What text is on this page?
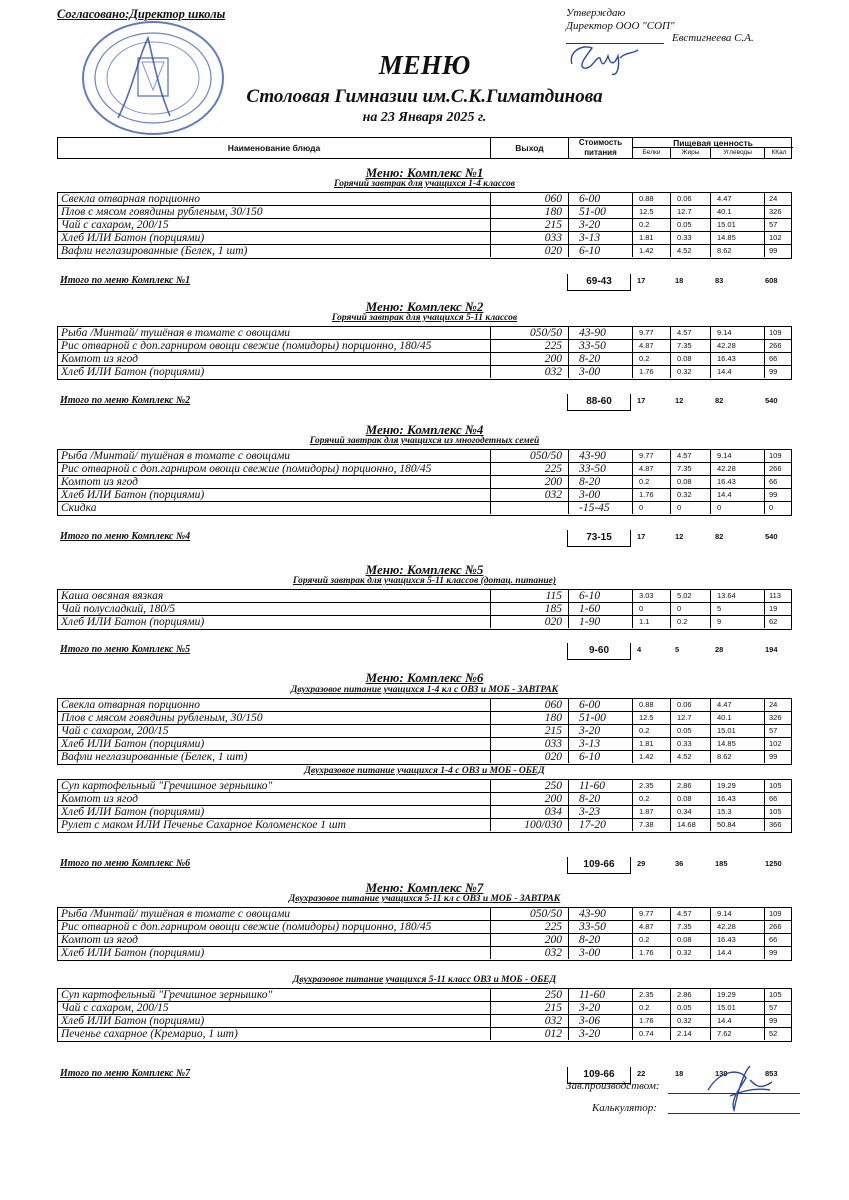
Согласовано:Директор школы	Утверждаю
Директор ООО "СОП"
Евстигнеева С.А.
МЕНЮ
Столовая Гимназии им.С.К.Гиматдинова
на 23 Января 2025 г.
Наименование блюда	Выход
Стоимость
питания
Пищевая ценность
Белки	Жиры	Углеводы	ККал
Меню: Комплекс №1
Горячий завтрак для учащихся 1-4 классов
Свекла отварная порционно	060	6-00	0.88	0.06	4.47	24
Плов с мясом говядины рубленым, 30/150	180	51-00	12.5	12.7	40.1	326
Чай с сахаром, 200/15	215	3-20	0.2	0.05	15.01	57
Хлеб ИЛИ Батон (порциями)	033	3-13	1.81	0.33	14.85	102
Вафли неглазированные (Белек, 1 шт)	020	6-10	1.42	4.52	8.62	99
Итого по меню Комплекс №1	69-43	17	18	83	608
Меню: Комплекс №2
Горячий завтрак для учащихся 5-11 классов
Рыба /Минтай/ тушёная в томате с овощами	050/50	43-90	9.77	4.57	9.14	109
Рис отварной с доп.гарниром овощи свежие (помидоры) порционно, 180/45	225	33-50	4.87	7.35	42.28	266
Компот из ягод	200	8-20	0.2	0.08	16.43	66
Хлеб ИЛИ Батон (порциями)	032	3-00	1.76	0.32	14.4	99
Итого по меню Комплекс №2	88-60	17	12	82	540
Меню: Комплекс №4
Горячий завтрак для учащихся из многодетных семей
Рыба /Минтай/ тушёная в томате с овощами	050/50	43-90	9.77	4.57	9.14	109
Рис отварной с доп.гарниром овощи свежие (помидоры) порционно, 180/45	225	33-50	4.87	7.35	42.28	266
Компот из ягод	200	8-20	0.2	0.08	16.43	66
Хлеб ИЛИ Батон (порциями)	032	3-00	1.76	0.32	14.4	99
Скидка	-15-45	0	0	0	0
Итого по меню Комплекс №4	73-15	17	12	82	540
Меню: Комплекс №5
Горячий завтрак для учащихся 5-11 классов (дотац. питание)
Каша овсяная вязкая	115	6-10	3.03	5.02	13.64	113
Чай полусладкий, 180/5	185	1-60	0	0	5	19
Хлеб ИЛИ Батон (порциями)	020	1-90	1.1	0.2	9	62
Итого по меню Комплекс №5	9-60	4	5	28	194
Меню: Комплекс №6
Двухразовое питание учащихся 1-4 кл с ОВЗ и МОБ - ЗАВТРАК
Свекла отварная порционно	060	6-00	0.88	0.06	4.47	24
Плов с мясом говядины рубленым, 30/150	180	51-00	12.5	12.7	40.1	326
Чай с сахаром, 200/15	215	3-20	0.2	0.05	15.01	57
Хлеб ИЛИ Батон (порциями)	033	3-13	1.81	0.33	14.85	102
Вафли неглазированные (Белек, 1 шт)	020	6-10	1.42	4.52	8.62	99
Двухразовое питание учащихся 1-4 с ОВЗ и МОБ - ОБЕД
Суп картофельный "Гречишное зернышко"	250	11-60	2.35	2.86	19.29	105
Компот из ягод	200	8-20	0.2	0.08	16.43	66
Хлеб ИЛИ Батон (порциями)	034	3-23	1.87	0.34	15.3	105
Рулет с маком ИЛИ Печенье Сахарное Коломенское 1 шт	100/030	17-20	7.38	14.68	50.84	366
Итого по меню Комплекс №6	109-66	29	36	185	1250
Меню: Комплекс №7
Двухразовое питание учащихся 5-11 кл с ОВЗ и МОБ - ЗАВТРАК
Рыба /Минтай/ тушёная в томате с овощами	050/50	43-90	9.77	4.57	9.14	109
Рис отварной с доп.гарниром овощи свежие (помидоры) порционно, 180/45	225	33-50	4.87	7.35	42.28	266
Компот из ягод	200	8-20	0.2	0.08	16.43	66
Хлеб ИЛИ Батон (порциями)	032	3-00	1.76	0.32	14.4	99
Двухразовое питание учащихся 5-11 класс ОВЗ и МОБ - ОБЕД
Суп картофельный "Гречишное зернышко"	250	11-60	2.35	2.86	19.29	105
Чай с сахаром, 200/15	215	3-20	0.2	0.05	15.01	57
Хлеб ИЛИ Батон (порциями)	032	3-06	1.76	0.32	14.4	99
Печенье сахарное (Кремарио, 1 шт)	012	3-20	0.74	2.14	7.62	52
Итого по меню Комплекс №7	109-66	22	18	139	853
Зав.производством:
Калькулятор:
